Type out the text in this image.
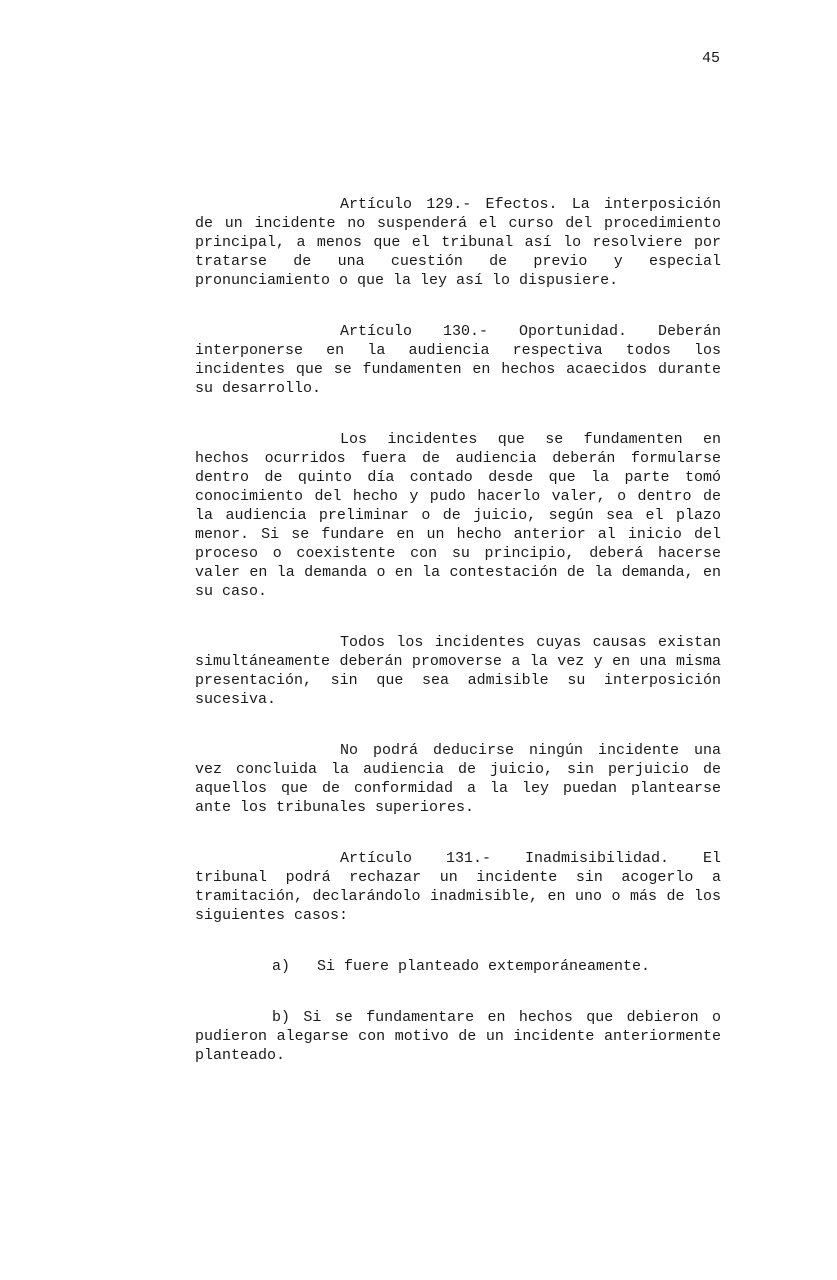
45

Artículo 129.- Efectos. La interposición de un incidente no suspenderá el curso del procedimiento principal, a menos que el tribunal así lo resolviere por tratarse de una cuestión de previo y especial pronunciamiento o que la ley así lo dispusiere.

Artículo 130.- Oportunidad. Deberán interponerse en la audiencia respectiva todos los incidentes que se fundamenten en hechos acaecidos durante su desarrollo.

Los incidentes que se fundamenten en hechos ocurridos fuera de audiencia deberán formularse dentro de quinto día contado desde que la parte tomó conocimiento del hecho y pudo hacerlo valer, o dentro de la audiencia preliminar o de juicio, según sea el plazo menor. Si se fundare en un hecho anterior al inicio del proceso o coexistente con su principio, deberá hacerse valer en la demanda o en la contestación de la demanda, en su caso.

Todos los incidentes cuyas causas existan simultáneamente deberán promoverse a la vez y en una misma presentación, sin que sea admisible su interposición sucesiva.

No podrá deducirse ningún incidente una vez concluida la audiencia de juicio, sin perjuicio de aquellos que de conformidad a la ley puedan plantearse ante los tribunales superiores.

Artículo 131.- Inadmisibilidad. El tribunal podrá rechazar un incidente sin acogerlo a tramitación, declarándolo inadmisible, en uno o más de los siguientes casos:

a)   Si fuere planteado extemporáneamente.

b) Si se fundamentare en hechos que debieron o pudieron alegarse con motivo de un incidente anteriormente planteado.
